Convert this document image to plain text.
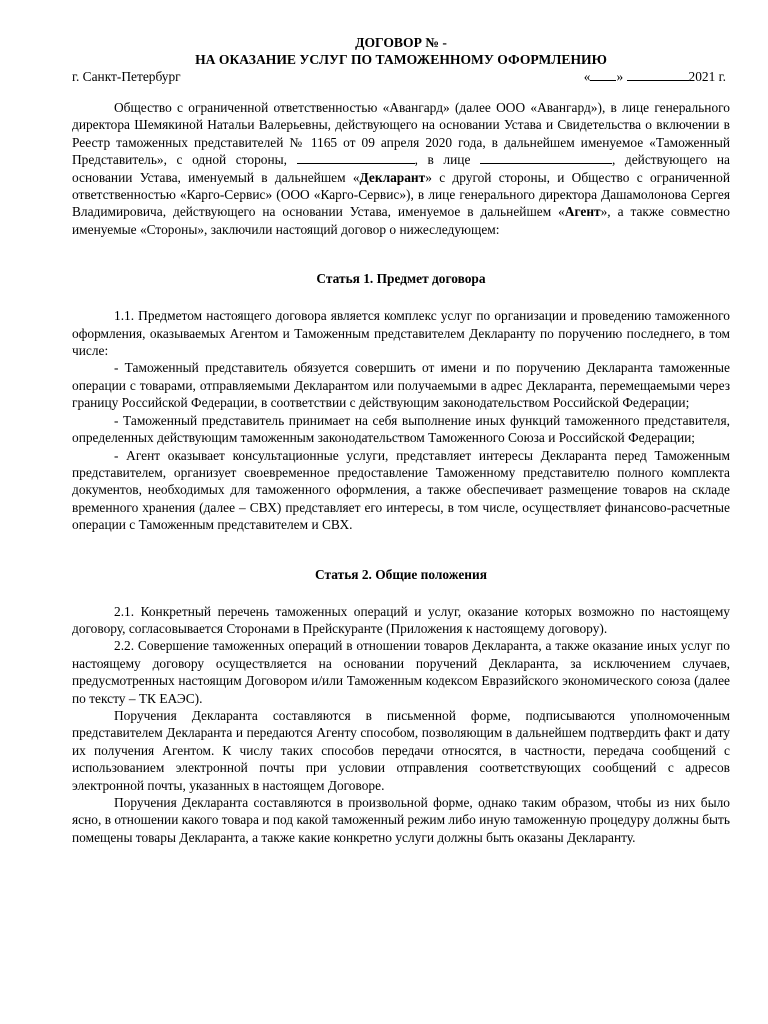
ДОГОВОР № -
НА ОКАЗАНИЕ УСЛУГ ПО ТАМОЖЕННОМУ ОФОРМЛЕНИЮ
г. Санкт-Петербург	« »	2021 г.

Общество с ограниченной ответственностью «Авангард» (далее ООО «Авангард»), в лице генерального директора Шемякиной Натальи Валерьевны, действующего на основании Устава и Свидетельства о включении в Реестр таможенных представителей № 1165 от 09 апреля 2020 года, в дальнейшем именуемое «Таможенный Представитель», с одной стороны,	, в лице	, действующего на основании Устава, именуемый в дальнейшем «Декларант» с другой стороны, и Общество с ограниченной ответственностью «Карго-Сервис» (ООО «Карго-Сервис»), в лице генерального директора Дашамолонова Сергея Владимировича, действующего на основании Устава, именуемое в дальнейшем «Агент», а также совместно именуемые «Стороны», заключили настоящий договор о нижеследующем:

Статья 1. Предмет договора

1.1. Предметом настоящего договора является комплекс услуг по организации и проведению таможенного оформления, оказываемых Агентом и Таможенным представителем Декларанту по поручению последнего, в том числе:

- Таможенный представитель обязуется совершить от имени и по поручению Декларанта таможенные операции с товарами, отправляемыми Декларантом или получаемыми в адрес Декларанта, перемещаемыми через границу Российской Федерации, в соответствии с действующим законодательством Российской Федерации;

- Таможенный представитель принимает на себя выполнение иных функций таможенного представителя, определенных действующим таможенным законодательством Таможенного Союза и Российской Федерации;

- Агент оказывает консультационные услуги, представляет интересы Декларанта перед Таможенным представителем, организует своевременное предоставление Таможенному представителю полного комплекта документов, необходимых для таможенного оформления, а также обеспечивает размещение товаров на складе временного хранения (далее – СВХ) представляет его интересы, в том числе, осуществляет финансово-расчетные операции с Таможенным представителем и СВХ.

Статья 2. Общие положения

2.1. Конкретный перечень таможенных операций и услуг, оказание которых возможно по настоящему договору, согласовывается Сторонами в Прейскуранте (Приложения к настоящему договору).

2.2. Совершение таможенных операций в отношении товаров Декларанта, а также оказание иных услуг по настоящему договору осуществляется на основании поручений Декларанта, за исключением случаев, предусмотренных настоящим Договором и/или Таможенным кодексом Евразийского экономического союза (далее по тексту – ТК ЕАЭС).

Поручения Декларанта составляются в письменной форме, подписываются уполномоченным представителем Декларанта и передаются Агенту способом, позволяющим в дальнейшем подтвердить факт и дату их получения Агентом. К числу таких способов передачи относятся, в частности, передача сообщений с использованием электронной почты при условии отправления соответствующих сообщений с адресов электронной почты, указанных в настоящем Договоре.

Поручения Декларанта составляются в произвольной форме, однако таким образом, чтобы из них было ясно, в отношении какого товара и под какой таможенный режим либо иную таможенную процедуру должны быть помещены товары Декларанта, а также какие конкретно услуги должны быть оказаны Декларанту.
